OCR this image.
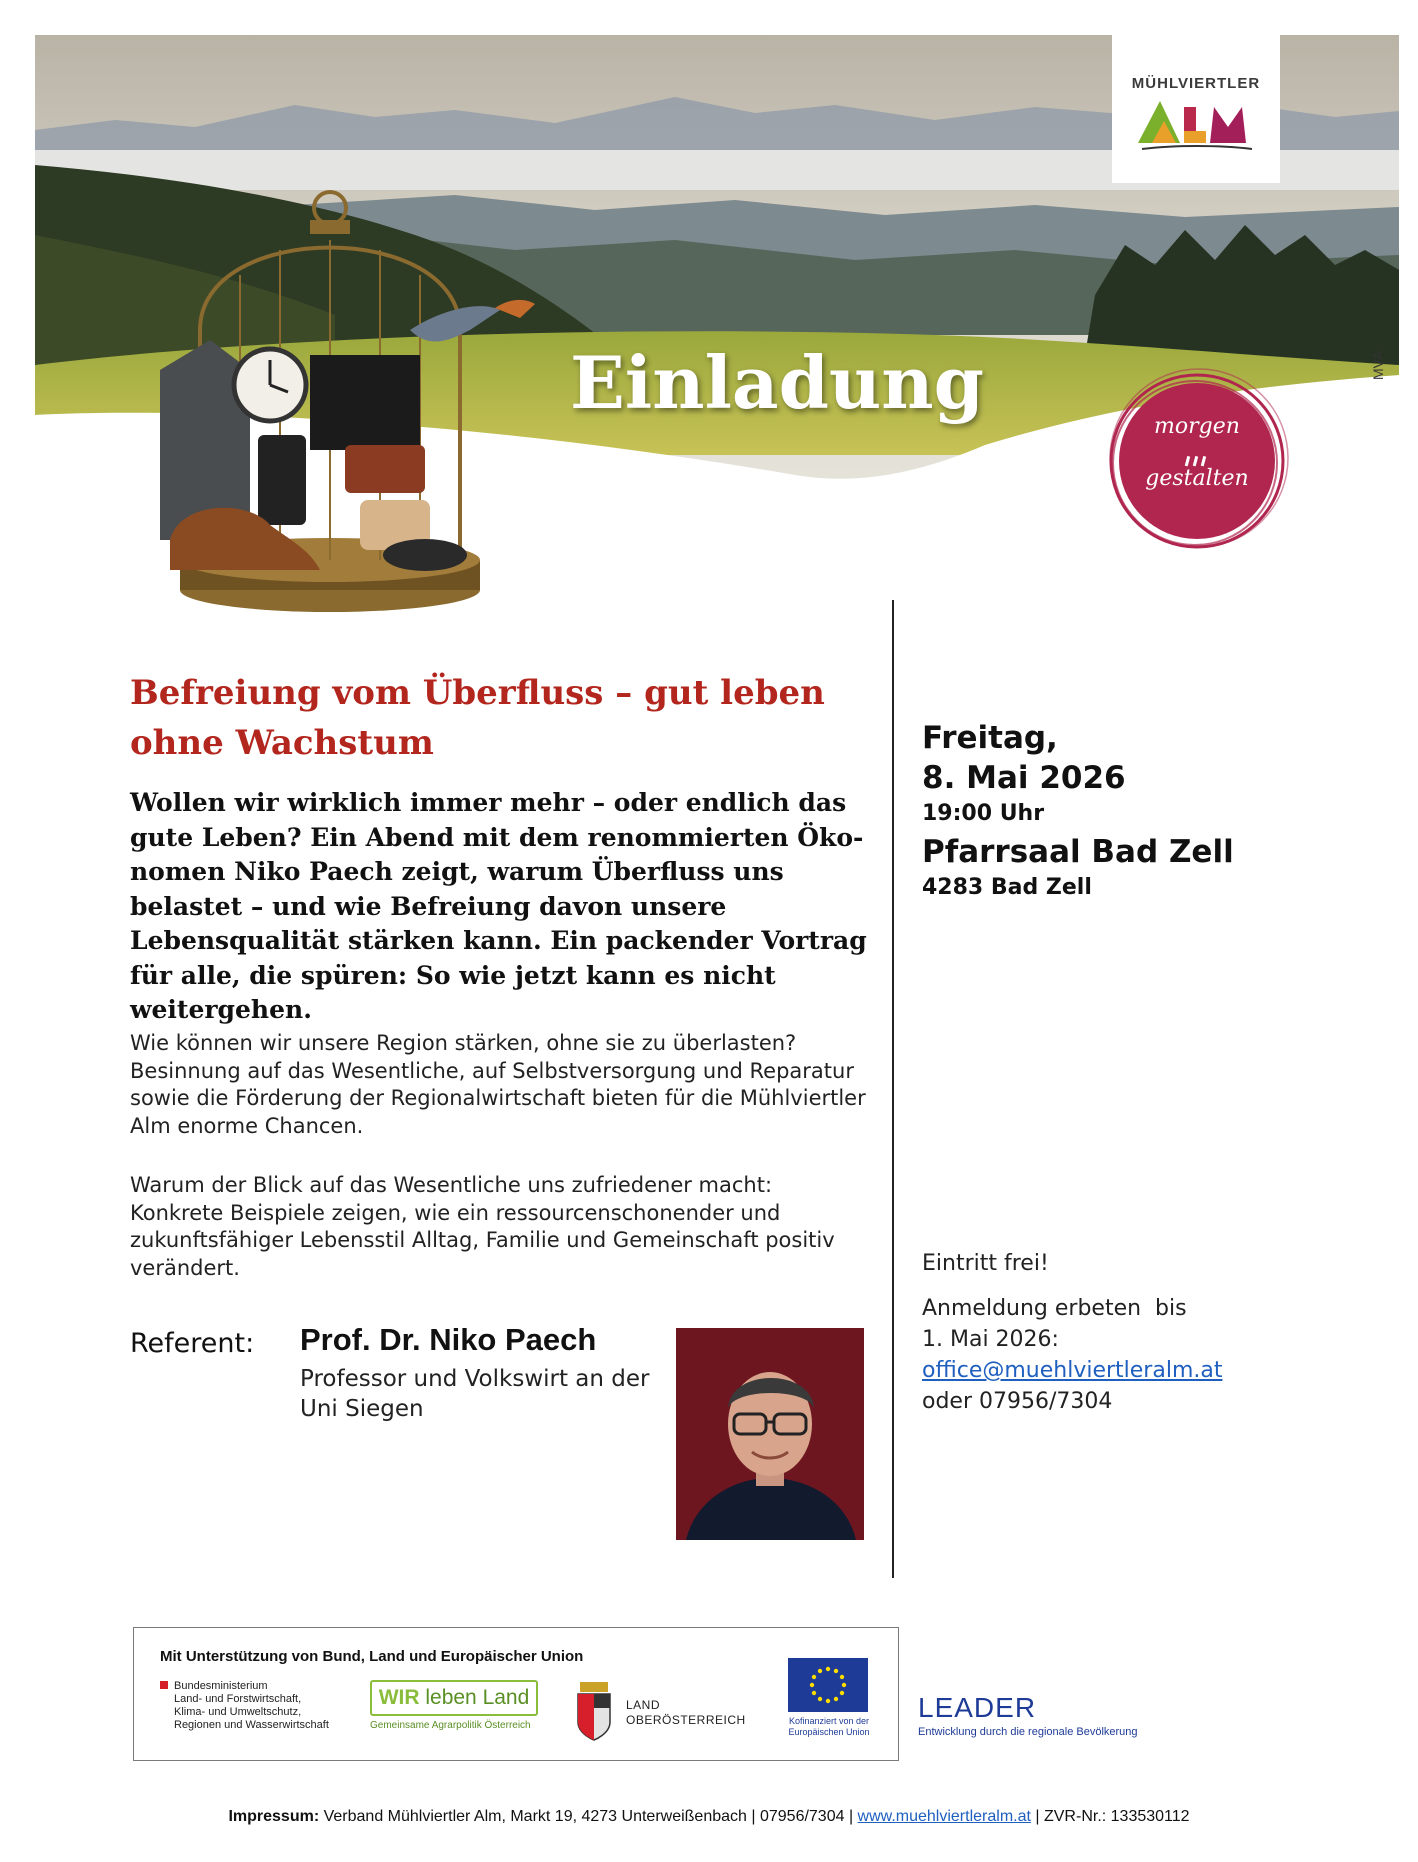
MÜHLVIERTLER
MVA
Einladung
morgen
gestalten
Befreiung vom Überfluss – gut leben ohne Wachstum
Wollen wir wirklich immer mehr – oder endlich das gute Leben? Ein Abend mit dem renommierten Ökonomen Niko Paech zeigt, warum Überfluss uns belastet – und wie Befreiung davon unsere Lebensqualität stärken kann. Ein packender Vortrag für alle, die spüren: So wie jetzt kann es nicht weitergehen.
Wie können wir unsere Region stärken, ohne sie zu überlasten? Besinnung auf das Wesentliche, auf Selbstversorgung und Reparatur sowie die Förderung der Regionalwirtschaft bieten für die Mühlviertler Alm enorme Chancen.
Warum der Blick auf das Wesentliche uns zufriedener macht: Konkrete Beispiele zeigen, wie ein ressourcenschonender und zukunftsfähiger Lebensstil Alltag, Familie und Gemeinschaft positiv verändert.
Referent: Prof. Dr. Niko Paech
Professor und Volkswirt an der Uni Siegen
Freitag,
8. Mai 2026
19:00 Uhr
Pfarrsaal Bad Zell
4283 Bad Zell
Eintritt frei!
Anmeldung erbeten  bis
1. Mai 2026:
office@muehlviertleralm.at
oder 07956/7304
Mit Unterstützung von Bund, Land und Europäischer Union
Bundesministerium
Land- und Forstwirtschaft,
Klima- und Umweltschutz,
Regionen und Wasserwirtschaft
WIR leben Land
Gemeinsame Agrarpolitik Österreich
LAND
OBERÖSTERREICH	Kofinanziert von der
Europäischen Union
LEADER
Entwicklung durch die regionale Bevölkerung
Impressum: Verband Mühlviertler Alm, Markt 19, 4273 Unterweißenbach | 07956/7304 | www.muehlviertleralm.at | ZVR-Nr.: 133530112
